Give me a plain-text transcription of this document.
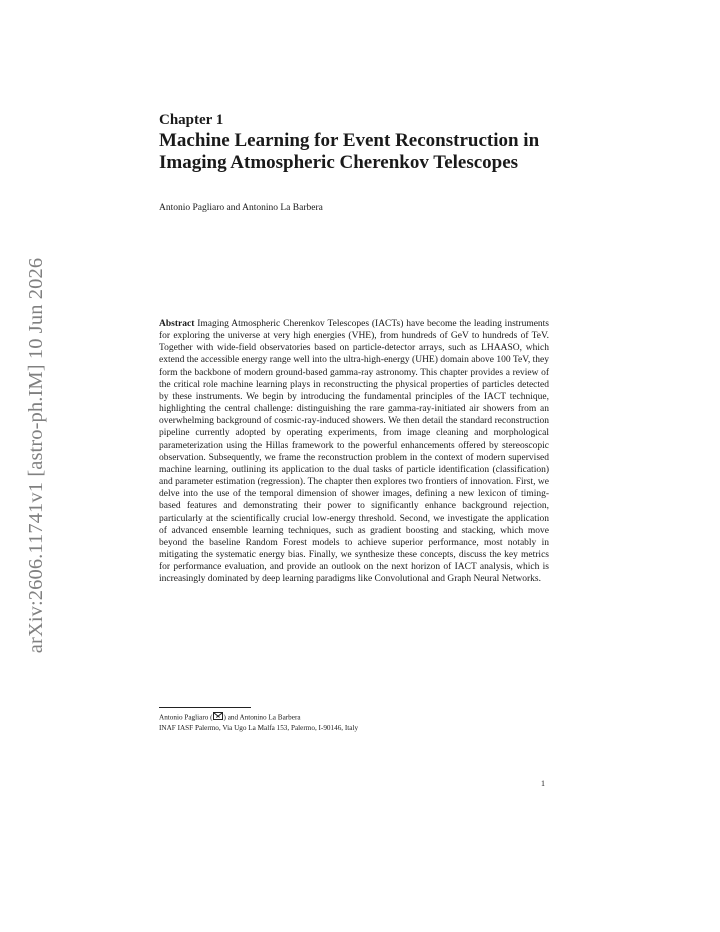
arXiv:2606.11741v1 [astro-ph.IM] 10 Jun 2026
Chapter 1
Machine Learning for Event Reconstruction in
Imaging Atmospheric Cherenkov Telescopes

Antonio Pagliaro and Antonino La Barbera

Abstract Imaging Atmospheric Cherenkov Telescopes (IACTs) have become the leading instruments for exploring the universe at very high energies (VHE), from hundreds of GeV to hundreds of TeV. Together with wide-field observatories based on particle-detector arrays, such as LHAASO, which extend the accessible energy range well into the ultra-high-energy (UHE) domain above 100 TeV, they form the backbone of modern ground-based gamma-ray astronomy. This chapter provides a review of the critical role machine learning plays in reconstructing the physical properties of particles detected by these instruments. We begin by introducing the fundamental principles of the IACT technique, highlighting the central challenge: distinguishing the rare gamma-ray-initiated air showers from an overwhelming background of cosmic-ray-induced showers. We then detail the standard reconstruction pipeline currently adopted by operating experiments, from image cleaning and morphological parameterization using the Hillas framework to the powerful enhancements offered by stereoscopic observation. Subsequently, we frame the reconstruction problem in the context of modern supervised machine learning, outlining its application to the dual tasks of particle identification (classification) and parameter estimation (regression). The chapter then explores two frontiers of innovation. First, we delve into the use of the temporal dimension of shower images, defining a new lexicon of timing-based features and demonstrating their power to significantly enhance background rejection, particularly at the scientifically crucial low-energy threshold. Second, we investigate the application of advanced ensemble learning techniques, such as gradient boosting and stacking, which move beyond the baseline Random Forest models to achieve superior performance, most notably in mitigating the systematic energy bias. Finally, we synthesize these concepts, discuss the key metrics for performance evaluation, and provide an outlook on the next horizon of IACT analysis, which is increasingly dominated by deep learning paradigms like Convolutional and Graph Neural Networks.

Antonio Pagliaro ( ) and Antonino La Barbera
INAF IASF Palermo, Via Ugo La Malfa 153, Palermo, I-90146, Italy
1
